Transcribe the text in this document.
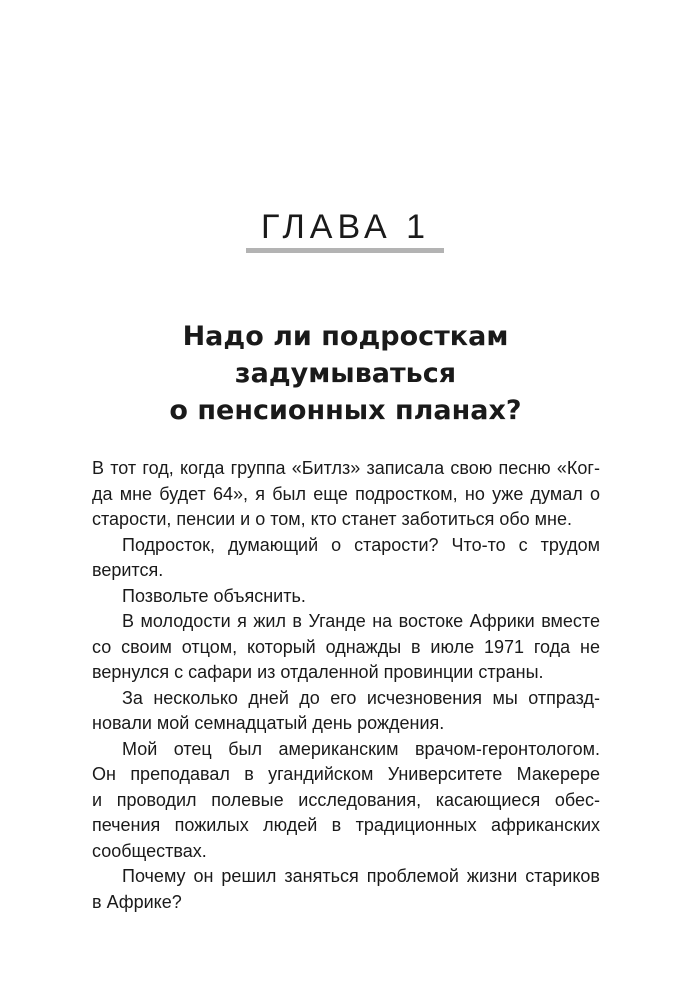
ГЛАВА 1
Надо ли подросткам
задумываться
о пенсионных планах?

В тот год, когда группа «Битлз» записала свою песню «Ког-
да мне будет 64», я был еще подростком, но уже думал о
старости, пенсии и о том, кто станет заботиться обо мне.

Подросток, думающий о старости? Что-то с трудом
верится.

Позвольте объяснить.

В молодости я жил в Уганде на востоке Африки вместе
со своим отцом, который однажды в июле 1971 года не
вернулся с сафари из отдаленной провинции страны.

За несколько дней до его исчезновения мы отпразд-
новали мой семнадцатый день рождения.

Мой отец был американским врачом-геронтологом.
Он преподавал в угандийском Университете Макерере
и проводил полевые исследования, касающиеся обес-
печения пожилых людей в традиционных африканских
сообществах.

Почему он решил заняться проблемой жизни стариков
в Африке?
